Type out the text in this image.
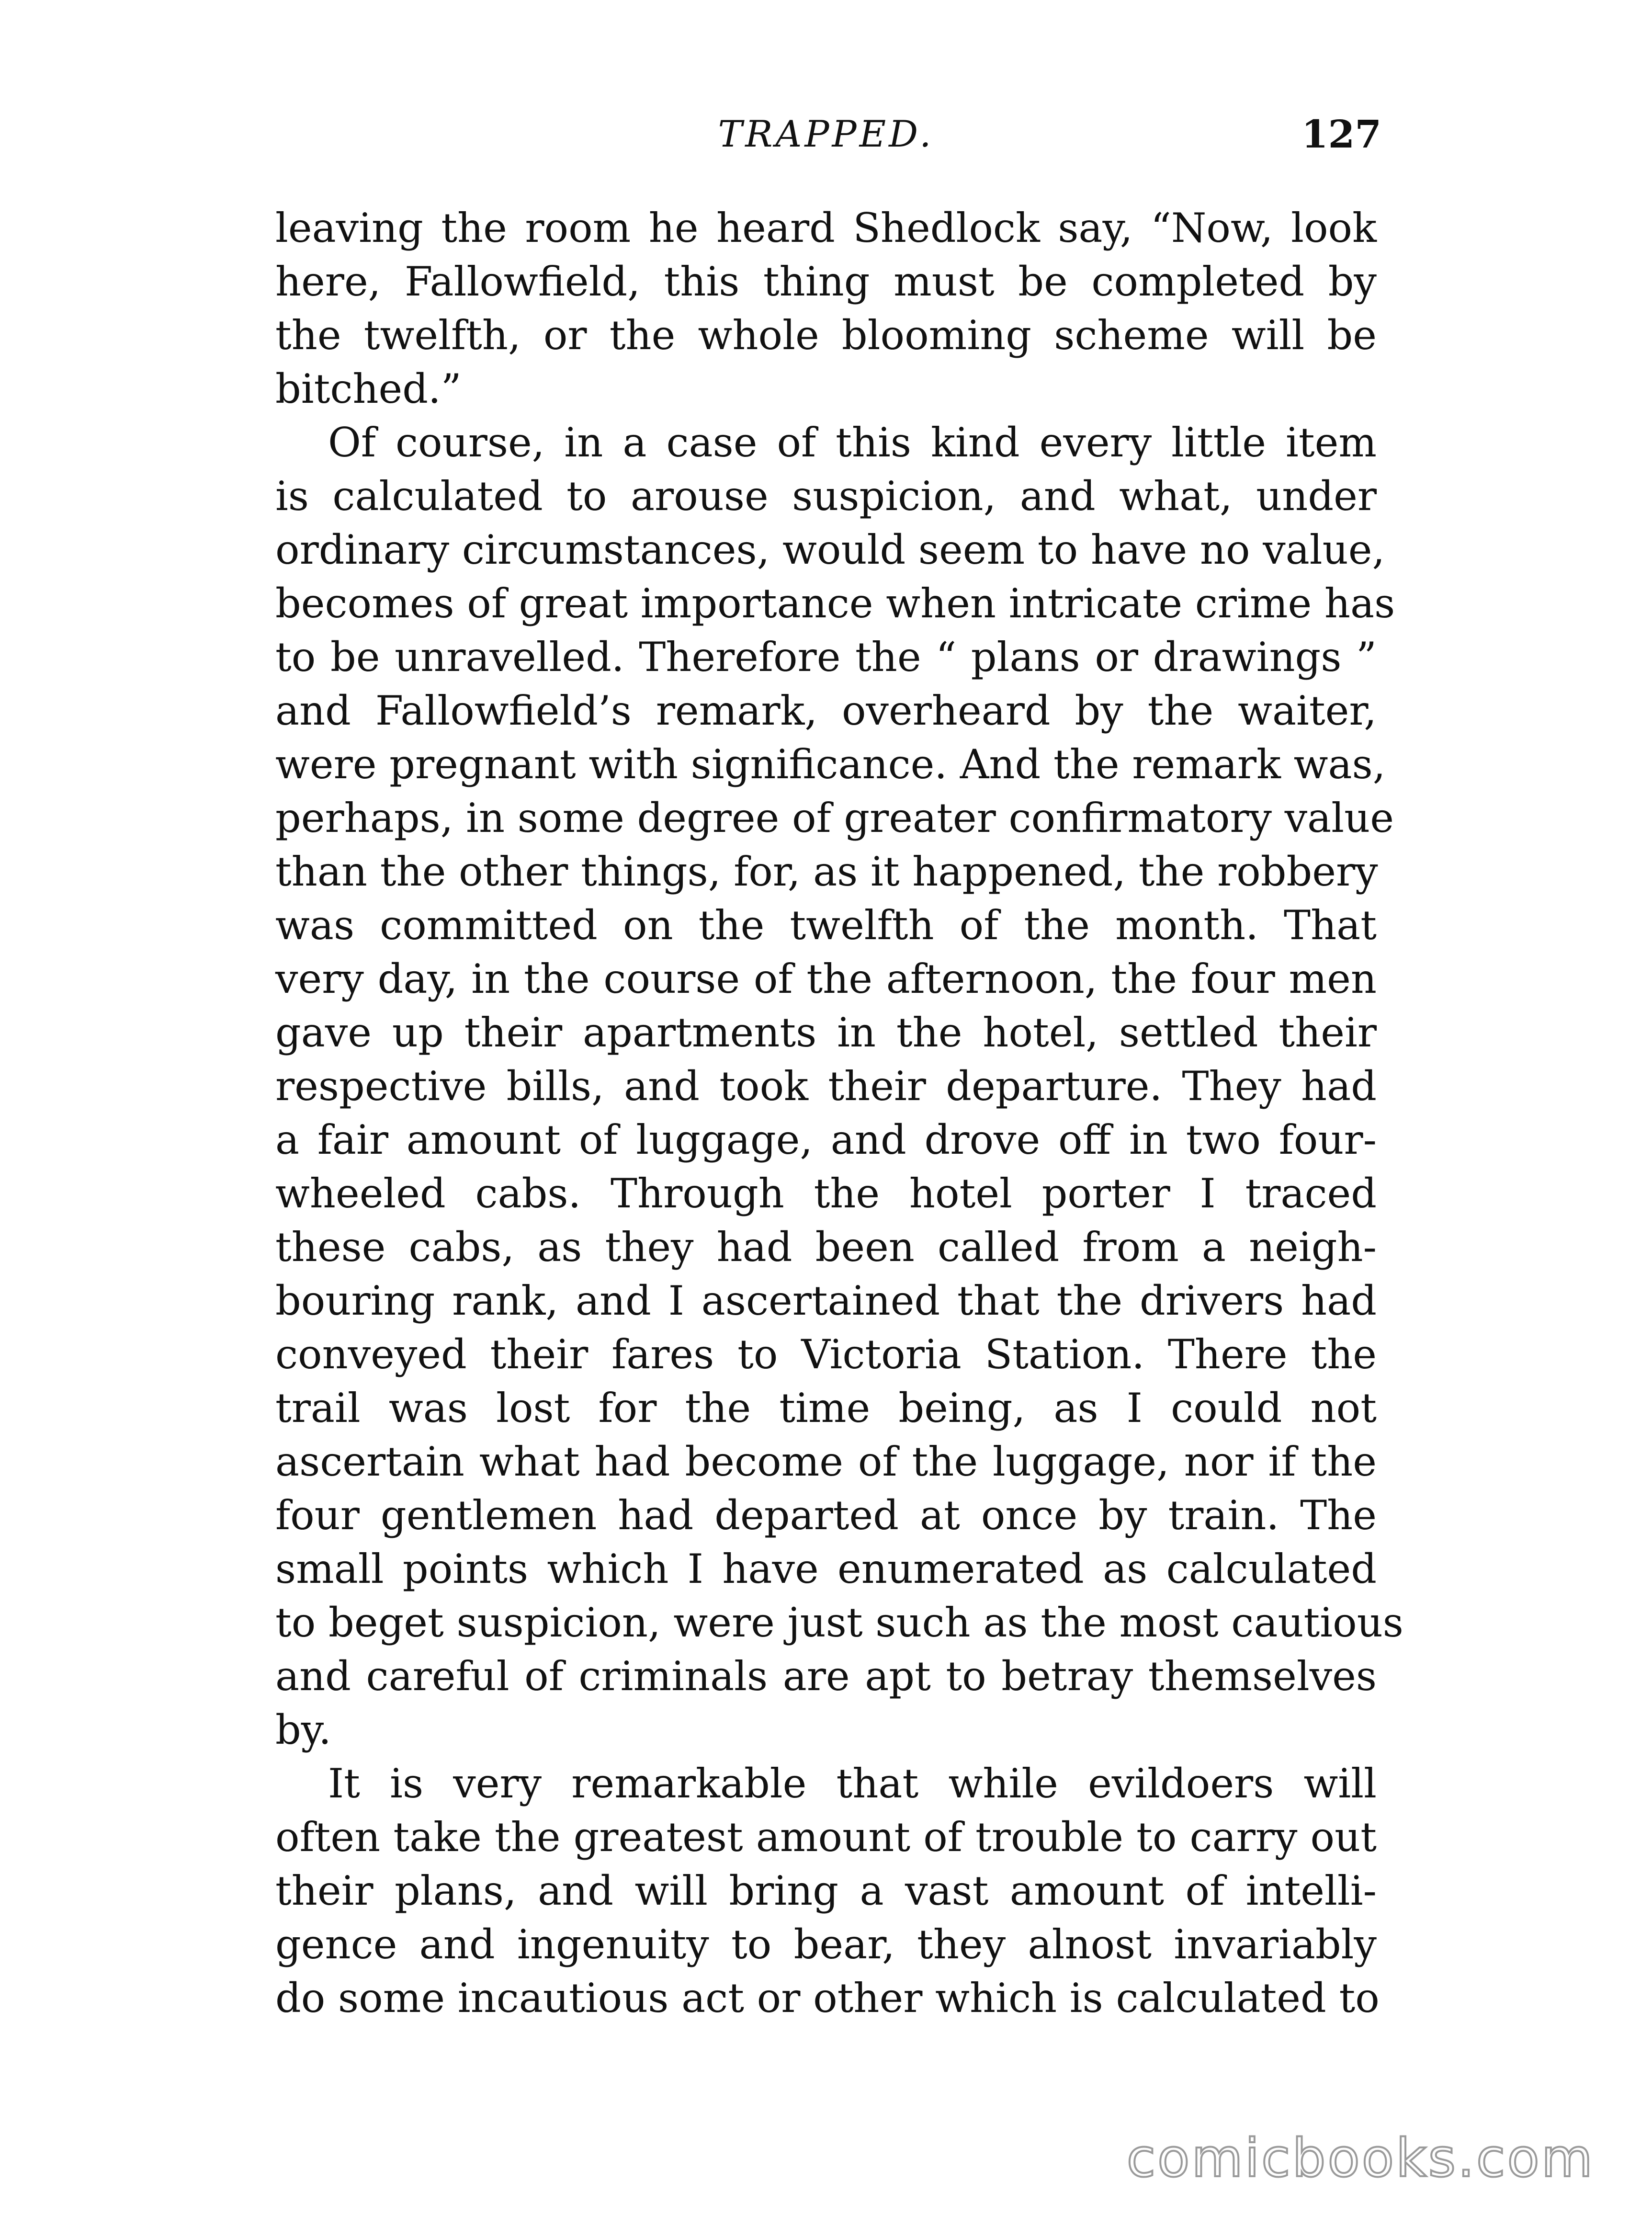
TRAPPED.	127
leaving the room he heard Shedlock say, “Now, look
here, Fallowfield, this thing must be completed by
the twelfth, or the whole blooming scheme will be
bitched.”
Of course, in a case of this kind every little item
is calculated to arouse suspicion, and what, under
ordinary circumstances, would seem to have no value,
becomes of great importance when intricate crime has
to be unravelled. Therefore the “ plans or drawings ”
and Fallowfield’s remark, overheard by the waiter,
were pregnant with significance. And the remark was,
perhaps, in some degree of greater confirmatory value
than the other things, for, as it happened, the robbery
was committed on the twelfth of the month. That
very day, in the course of the afternoon, the four men
gave up their apartments in the hotel, settled their
respective bills, and took their departure. They had
a fair amount of luggage, and drove off in two four-
wheeled cabs. Through the hotel porter I traced
these cabs, as they had been called from a neigh-
bouring rank, and I ascertained that the drivers had
conveyed their fares to Victoria Station. There the
trail was lost for the time being, as I could not
ascertain what had become of the luggage, nor if the
four gentlemen had departed at once by train. The
small points which I have enumerated as calculated
to beget suspicion, were just such as the most cautious
and careful of criminals are apt to betray themselves
by.
It is very remarkable that while evildoers will
often take the greatest amount of trouble to carry out
their plans, and will bring a vast amount of intelli-
gence and ingenuity to bear, they alnost invariably
do some incautious act or other which is calculated to
comicbooks.com
